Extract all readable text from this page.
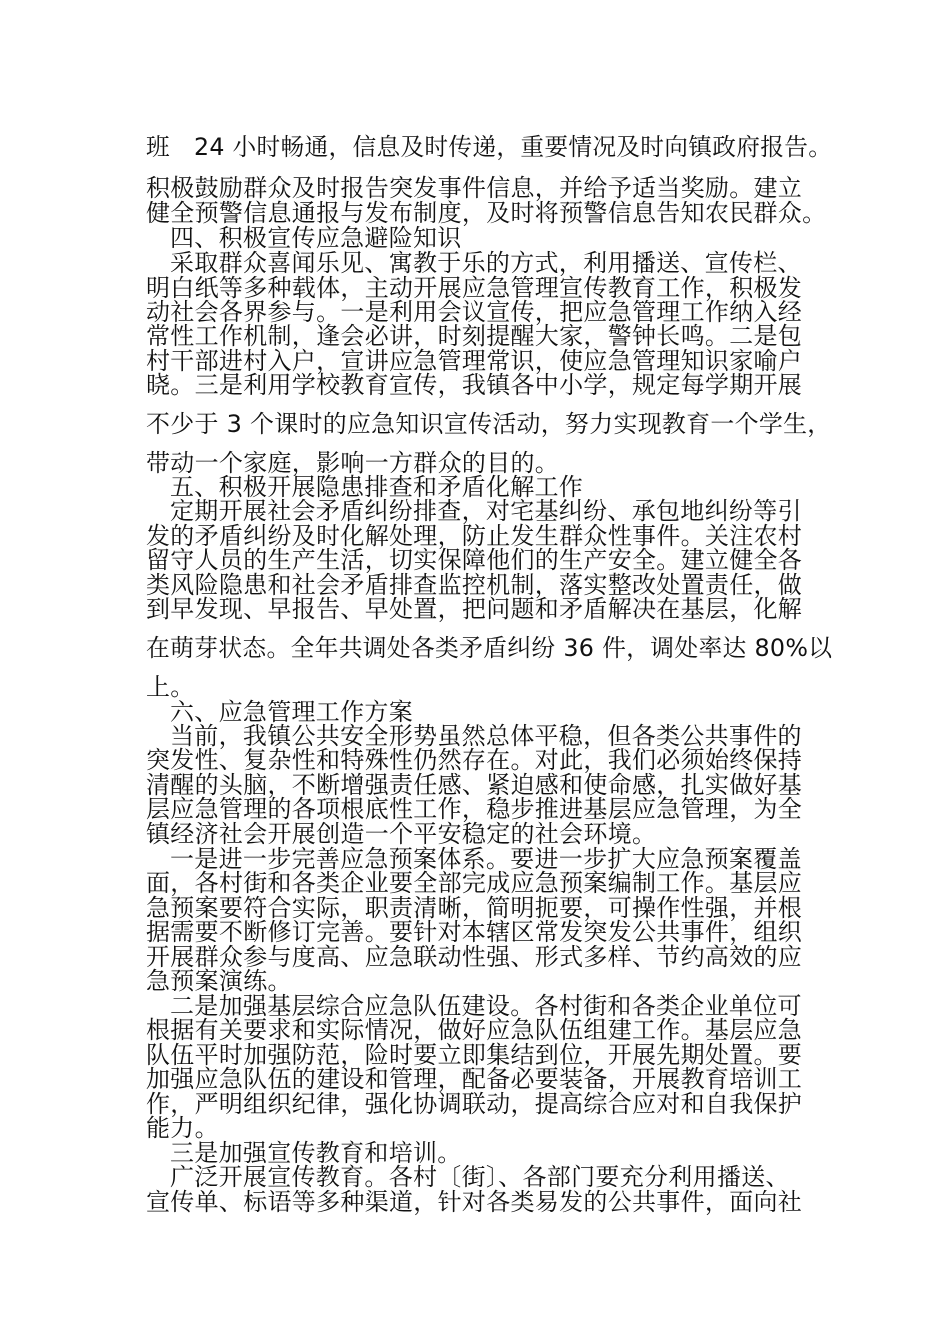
班　24 小时畅通，信息及时传递，重要情况及时向镇政府报告。
积极鼓励群众及时报告突发事件信息，并给予适当奖励。建立
健全预警信息通报与发布制度，及时将预警信息告知农民群众。
四、积极宣传应急避险知识
采取群众喜闻乐见、寓教于乐的方式，利用播送、宣传栏、
明白纸等多种载体，主动开展应急管理宣传教育工作，积极发
动社会各界参与。一是利用会议宣传，把应急管理工作纳入经
常性工作机制，逢会必讲，时刻提醒大家，警钟长鸣。二是包
村干部进村入户，宣讲应急管理常识，使应急管理知识家喻户
晓。三是利用学校教育宣传，我镇各中小学，规定每学期开展
不少于 3 个课时的应急知识宣传活动，努力实现教育一个学生，
带动一个家庭，影响一方群众的目的。
五、积极开展隐患排查和矛盾化解工作
定期开展社会矛盾纠纷排查，对宅基纠纷、承包地纠纷等引
发的矛盾纠纷及时化解处理，防止发生群众性事件。关注农村
留守人员的生产生活，切实保障他们的生产安全。建立健全各
类风险隐患和社会矛盾排查监控机制，落实整改处置责任，做
到早发现、早报告、早处置，把问题和矛盾解决在基层，化解
在萌芽状态。全年共调处各类矛盾纠纷 36 件，调处率达 80%以
上。
六、应急管理工作方案
当前，我镇公共安全形势虽然总体平稳，但各类公共事件的
突发性、复杂性和特殊性仍然存在。对此，我们必须始终保持
清醒的头脑，不断增强责任感、紧迫感和使命感，扎实做好基
层应急管理的各项根底性工作，稳步推进基层应急管理，为全
镇经济社会开展创造一个平安稳定的社会环境。
一是进一步完善应急预案体系。要进一步扩大应急预案覆盖
面，各村街和各类企业要全部完成应急预案编制工作。基层应
急预案要符合实际，职责清晰，简明扼要，可操作性强，并根
据需要不断修订完善。要针对本辖区常发突发公共事件，组织
开展群众参与度高、应急联动性强、形式多样、节约高效的应
急预案演练。
二是加强基层综合应急队伍建设。各村街和各类企业单位可
根据有关要求和实际情况，做好应急队伍组建工作。基层应急
队伍平时加强防范，险时要立即集结到位，开展先期处置。要
加强应急队伍的建设和管理，配备必要装备，开展教育培训工
作，严明组织纪律，强化协调联动，提高综合应对和自我保护
能力。
三是加强宣传教育和培训。
广泛开展宣传教育。各村〔街〕、各部门要充分利用播送、
宣传单、标语等多种渠道，针对各类易发的公共事件，面向社
